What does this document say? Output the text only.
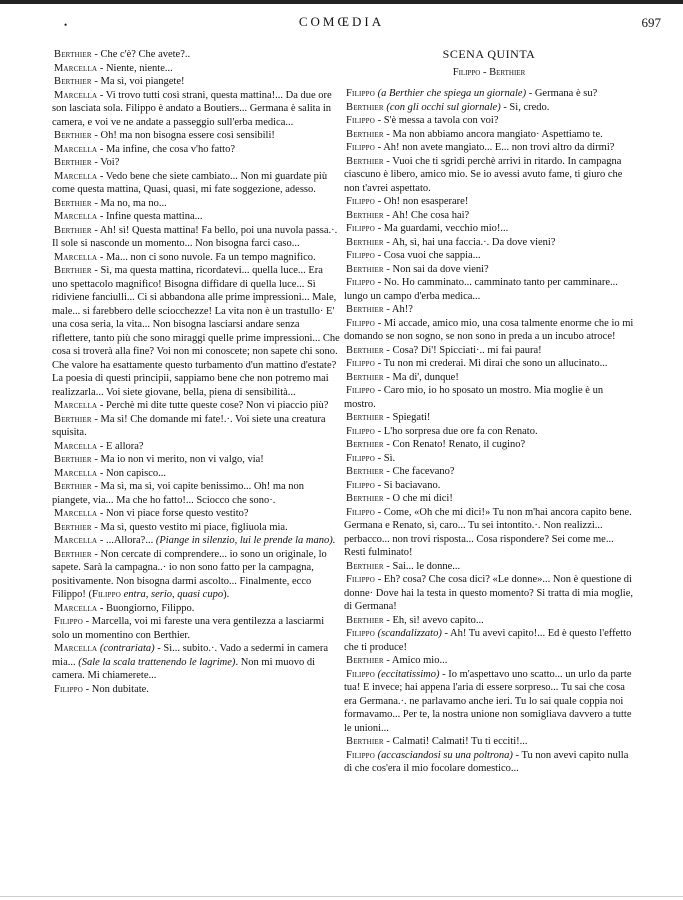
•	COMŒDIA	697

Berthier - Che c'è? Che avete?..

Marcella - Niente, niente...

Berthier - Ma sì, voi piangete!

Marcella - Vi trovo tutti così strani, questa mattina!... Da due ore son lasciata sola. Filippo è andato a Boutiers... Germana è salita in camera, e voi ve ne andate a passeggio sull'erba medica...

Berthier - Oh! ma non bisogna essere così sensibili!

Marcella - Ma infine, che cosa v'ho fatto?

Berthier - Voi?

Marcella - Vedo bene che siete cambiato... Non mi guardate più come questa mattina, Quasi, quasi, mi fate soggezione, adesso.

Berthier - Ma no, ma no...

Marcella - Infine questa mattina...

Berthier - Ah! sì! Questa mattina! Fa bello, poi una nuvola passa.·. Il sole si nasconde un momento... Non bisogna farci caso...

Marcella - Ma... non ci sono nuvole. Fa un tempo magnifico.

Berthier - Sì, ma questa mattina, ricordatevi... quella luce... Era uno spettacolo magnifico! Bisogna diffidare di quella luce... Sì ridiviene fanciulli... Ci si abbandona alle prime impressioni... Male, male... si farebbero delle sciocchezze! La vita non è un trastullo· E' una cosa seria, la vita... Non bisogna lasciarsi andare senza riflettere, tanto più che sono miraggi quelle prime impressioni... Che cosa si troverà alla fine? Voi non mi conoscete; non sapete chi sono. Che valore ha esattamente questo turbamento d'un mattino d'estate? La poesia di questi principii, sappiamo bene che non potremo mai realizzarla... Voi siete giovane, bella, piena di sensibilità...

Marcella - Perchè mi dite tutte queste cose? Non vi piaccio più?

Berthier - Ma sì! Che domande mi fate!.·. Voi siete una creatura squisita.

Marcella - E allora?

Berthier - Ma io non vi merito, non vi valgo, via!

Marcella - Non capisco...

Berthier - Ma sì, ma sì, voi capite benissimo... Oh! ma non piangete, via... Ma che ho fatto!... Sciocco che sono·.

Marcella - Non vi piace forse questo vestito?

Berthier - Ma sì, questo vestito mi piace, figliuola mia.

Marcella - ...Allora?... (Piange in silenzio, lui le prende la mano).

Berthier - Non cercate di comprendere... io sono un originale, lo sapete. Sarà la campagna..· io non sono fatto per la campagna, positivamente. Non bisogna darmi ascolto... Finalmente, ecco Filippo! (Filippo entra, serio, quasi cupo).

Marcella - Buongiorno, Filippo.

Filippo - Marcella, voi mi fareste una vera gentilezza a lasciarmi solo un momentino con Berthier.

Marcella (contrariata) - Sì... subito.·. Vado a sedermi in camera mia... (Sale la scala trattenendo le lagrime). Non mi muovo di camera. Mi chiamerete...

Filippo - Non dubitate.

SCENA QUINTA

Filippo - Berthier

Filippo (a Berthier che spiega un giornale) - Germana è su?

Berthier (con gli occhi sul giornale) - Sì, credo.

Filippo - S'è messa a tavola con voi?

Berthier - Ma non abbiamo ancora mangiato· Aspettiamo te.

Filippo - Ah! non avete mangiato... E... non trovi altro da dirmi?

Berthier - Vuoi che ti sgridi perchè arrivi in ritardo. In campagna ciascuno è libero, amico mio. Se io avessi avuto fame, ti giuro che non t'avrei aspettato.

Filippo - Oh! non esasperare!

Berthier - Ah! Che cosa hai?

Filippo - Ma guardami, vecchio mio!...

Berthier - Ah, sì, hai una faccia.·. Da dove vieni?

Filippo - Cosa vuoi che sappia...

Berthier - Non sai da dove vieni?

Filippo - No. Ho camminato... camminato tanto per camminare... lungo un campo d'erba medica...

Berthier - Ah!?

Filippo - Mi accade, amico mio, una cosa talmente enorme che io mi domando se non sogno, se non sono in preda a un incubo atroce!

Berthier - Cosa? Di'! Spicciati·.. mi fai paura!

Filippo - Tu non mi crederai. Mi dirai che sono un allucinato...

Berthier - Ma di', dunque!

Filippo - Caro mio, io ho sposato un mostro. Mia moglie è un mostro.

Berthier - Spiegati!

Filippo - L'ho sorpresa due ore fa con Renato.

Berthier - Con Renato! Renato, il cugino?

Filippo - Sì.

Berthier - Che facevano?

Filippo - Si baciavano.

Berthier - O che mi dici!

Filippo - Come, «Oh che mi dici!» Tu non m'hai ancora capito bene. Germana e Renato, sì, caro... Tu sei intontito.·. Non realizzi... perbacco... non trovi risposta... Cosa rispondere? Sei come me... Resti fulminato!

Berthier - Sai... le donne...

Filippo - Eh? cosa? Che cosa dici? «Le donne»... Non è questione di donne· Dove hai la testa in questo momento? Si tratta di mia moglie, di Germana!

Berthier - Eh, sì! avevo capito...

Filippo (scandalizzato) - Ah! Tu avevi capito!... Ed è questo l'effetto che ti produce!

Berthier - Amico mio...

Filippo (eccitatissimo) - Io m'aspettavo uno scatto... un urlo da parte tua! E invece; hai appena l'aria di essere sorpreso... Tu sai che cosa era Germana.·. ne parlavamo anche ieri. Tu lo sai quale coppia noi formavamo... Per te, la nostra unione non somigliava davvero a tutte le unioni...

Berthier - Calmati! Calmati! Tu ti ecciti!...

Filippo (accasciandosi su una poltrona) - Tu non avevi capito nulla di che cos'era il mio focolare domestico...
